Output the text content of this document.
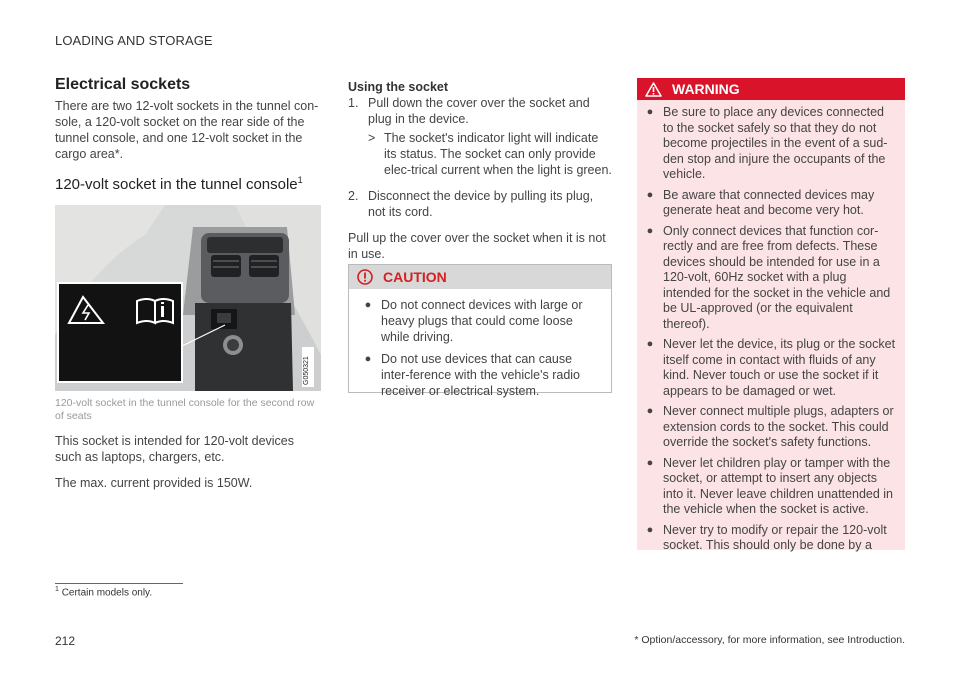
LOADING AND STORAGE
Electrical sockets

There are two 12-volt sockets in the tunnel con-sole, a 120-volt socket on the rear side of the tunnel console, and one 12-volt socket in the cargo area*.

120-volt socket in the tunnel console$^1$
G050321
120-volt socket in the tunnel console for the second row of seats

This socket is intended for 120-volt devices such as laptops, chargers, etc.

The max. current provided is 150W.

Using the socket
1. Pull down the cover over the socket and plug in the device.
> The socket's indicator light will indicate its status. The socket can only provide elec-trical current when the light is green.
2. Disconnect the device by pulling its plug, not its cord.

Pull up the cover over the socket when it is not in use.

CAUTION
● Do not connect devices with large or heavy plugs that could come loose while driving.
● Do not use devices that can cause inter-ference with the vehicle's radio receiver or electrical system.
WARNING
● Be sure to place any devices connected to the socket safely so that they do not become projectiles in the event of a sud-den stop and injure the occupants of the vehicle.
● Be aware that connected devices may generate heat and become very hot.
● Only connect devices that function cor-rectly and are free from defects. These devices should be intended for use in a 120-volt, 60Hz socket with a plug intended for the socket in the vehicle and be UL-approved (or the equivalent thereof).
● Never let the device, its plug or the socket itself come in contact with fluids of any kind. Never touch or use the socket if it appears to be damaged or wet.
● Never connect multiple plugs, adapters or extension cords to the socket. This could override the socket's safety functions.
● Never let children play or tamper with the socket, or attempt to insert any objects into it. Never leave children unattended in the vehicle when the socket is active.
● Never try to modify or repair the 120-volt socket. This should only be done by a
$^1$ Certain models only.
212	* Option/accessory, for more information, see Introduction.
